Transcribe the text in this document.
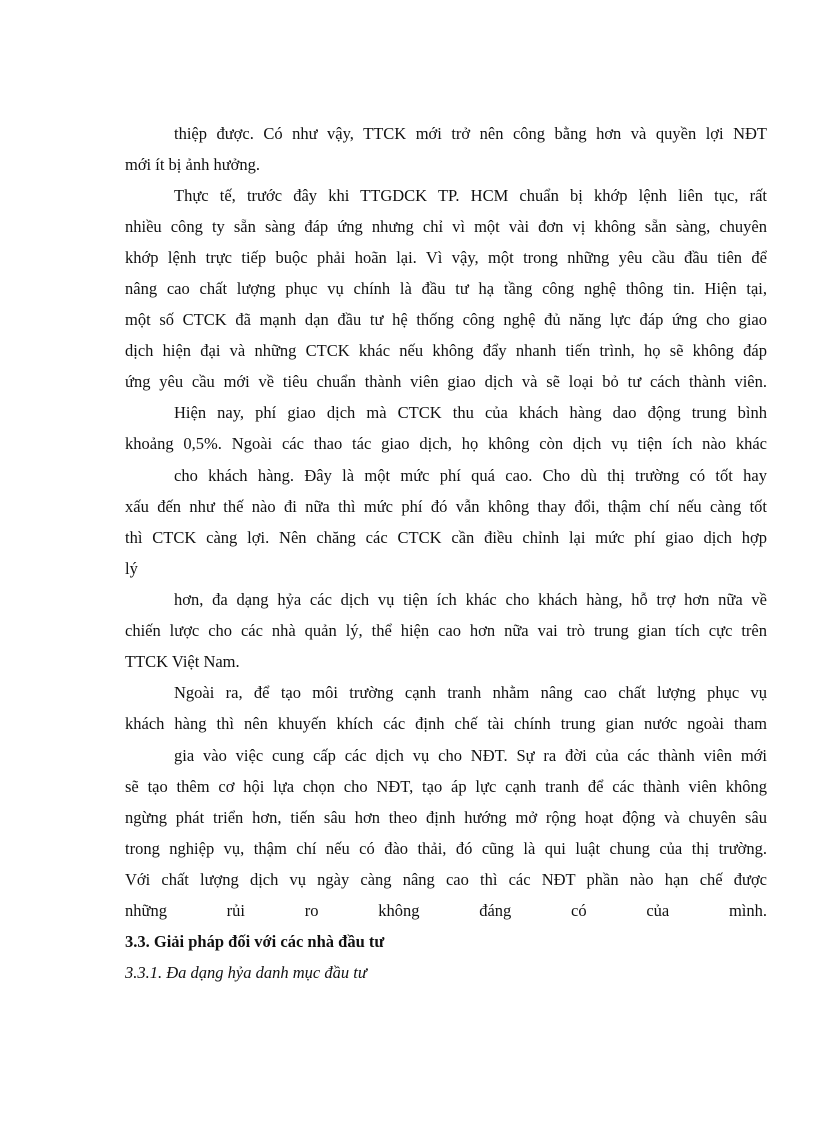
thiệp được. Có như vậy, TTCK mới trở nên công bằng hơn và quyền lợi NĐT
mới ít bị ảnh hưởng.
Thực tế, trước đây khi TTGDCK TP. HCM chuẩn bị khớp lệnh liên tục, rất
nhiều công ty sẵn sàng đáp ứng nhưng chỉ vì một vài đơn vị không sẵn sàng, chuyên
khớp lệnh trực tiếp buộc phải hoãn lại. Vì vậy, một trong những yêu cầu đầu tiên để
nâng cao chất lượng phục vụ chính là đầu tư hạ tầng công nghệ thông tin. Hiện tại,
một số CTCK đã mạnh dạn đầu tư hệ thống công nghệ đủ năng lực đáp ứng cho giao
dịch hiện đại và những CTCK khác nếu không đẩy nhanh tiến trình, họ sẽ không đáp
ứng yêu cầu mới về tiêu chuẩn thành viên giao dịch và sẽ loại bỏ tư cách thành viên.
Hiện nay, phí giao dịch mà CTCK thu của khách hàng dao động trung bình
khoảng 0,5%. Ngoài các thao tác giao dịch, họ không còn dịch vụ tiện ích nào khác
cho khách hàng. Đây là một mức phí quá cao. Cho dù thị trường có tốt hay
xấu đến như thế nào đi nữa thì mức phí đó vẫn không thay đổi, thậm chí nếu càng tốt
thì CTCK càng lợi. Nên chăng các CTCK cần điều chỉnh lại mức phí giao dịch hợp
lý
hơn, đa dạng hỷa các dịch vụ tiện ích khác cho khách hàng, hỗ trợ hơn nữa về
chiến lược cho các nhà quản lý, thể hiện cao hơn nữa vai trò trung gian tích cực trên
TTCK Việt Nam.
Ngoài ra, để tạo môi trường cạnh tranh nhằm nâng cao chất lượng phục vụ
khách hàng thì nên khuyến khích các định chế tài chính trung gian nước ngoài tham
gia vào việc cung cấp các dịch vụ cho NĐT. Sự ra đời của các thành viên mới
sẽ tạo thêm cơ hội lựa chọn cho NĐT, tạo áp lực cạnh tranh để các thành viên không
ngừng phát triển hơn, tiến sâu hơn theo định hướng mở rộng hoạt động và chuyên sâu
trong nghiệp vụ, thậm chí nếu có đào thải, đó cũng là qui luật chung của thị trường.
Với chất lượng dịch vụ ngày càng nâng cao thì các NĐT phần nào hạn chế được
những rủi ro không đáng có của mình.
3.3. Giải pháp đối với các nhà đầu tư
3.3.1. Đa dạng hỷa danh mục đầu tư
